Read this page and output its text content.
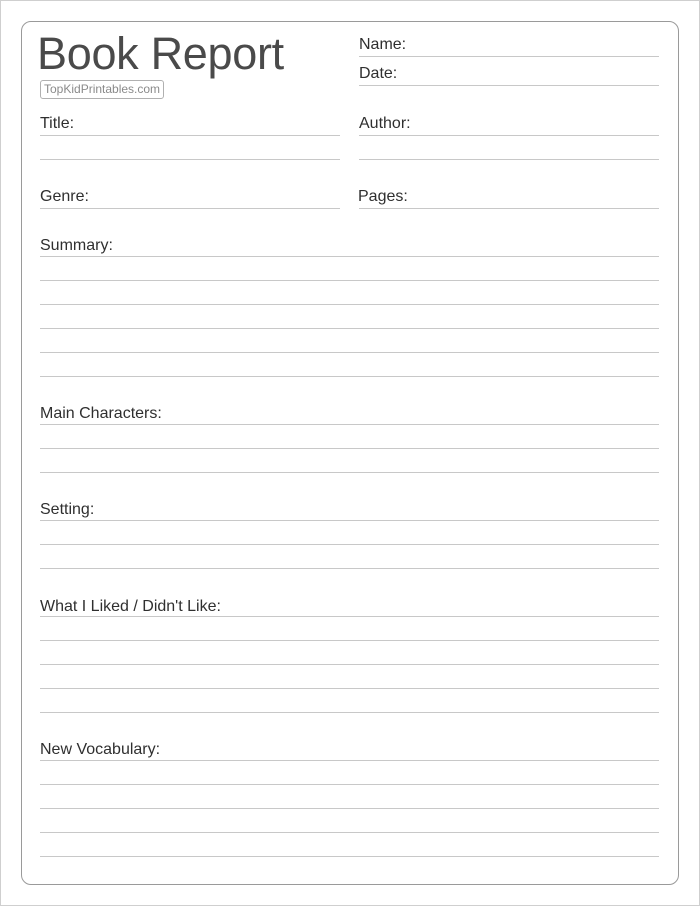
Book Report
TopKidPrintables.com
Name:
Date:
Title:	Author:
Genre:	Pages:
Summary:
Main Characters:
Setting:
What I Liked / Didn't Like:
New Vocabulary:
